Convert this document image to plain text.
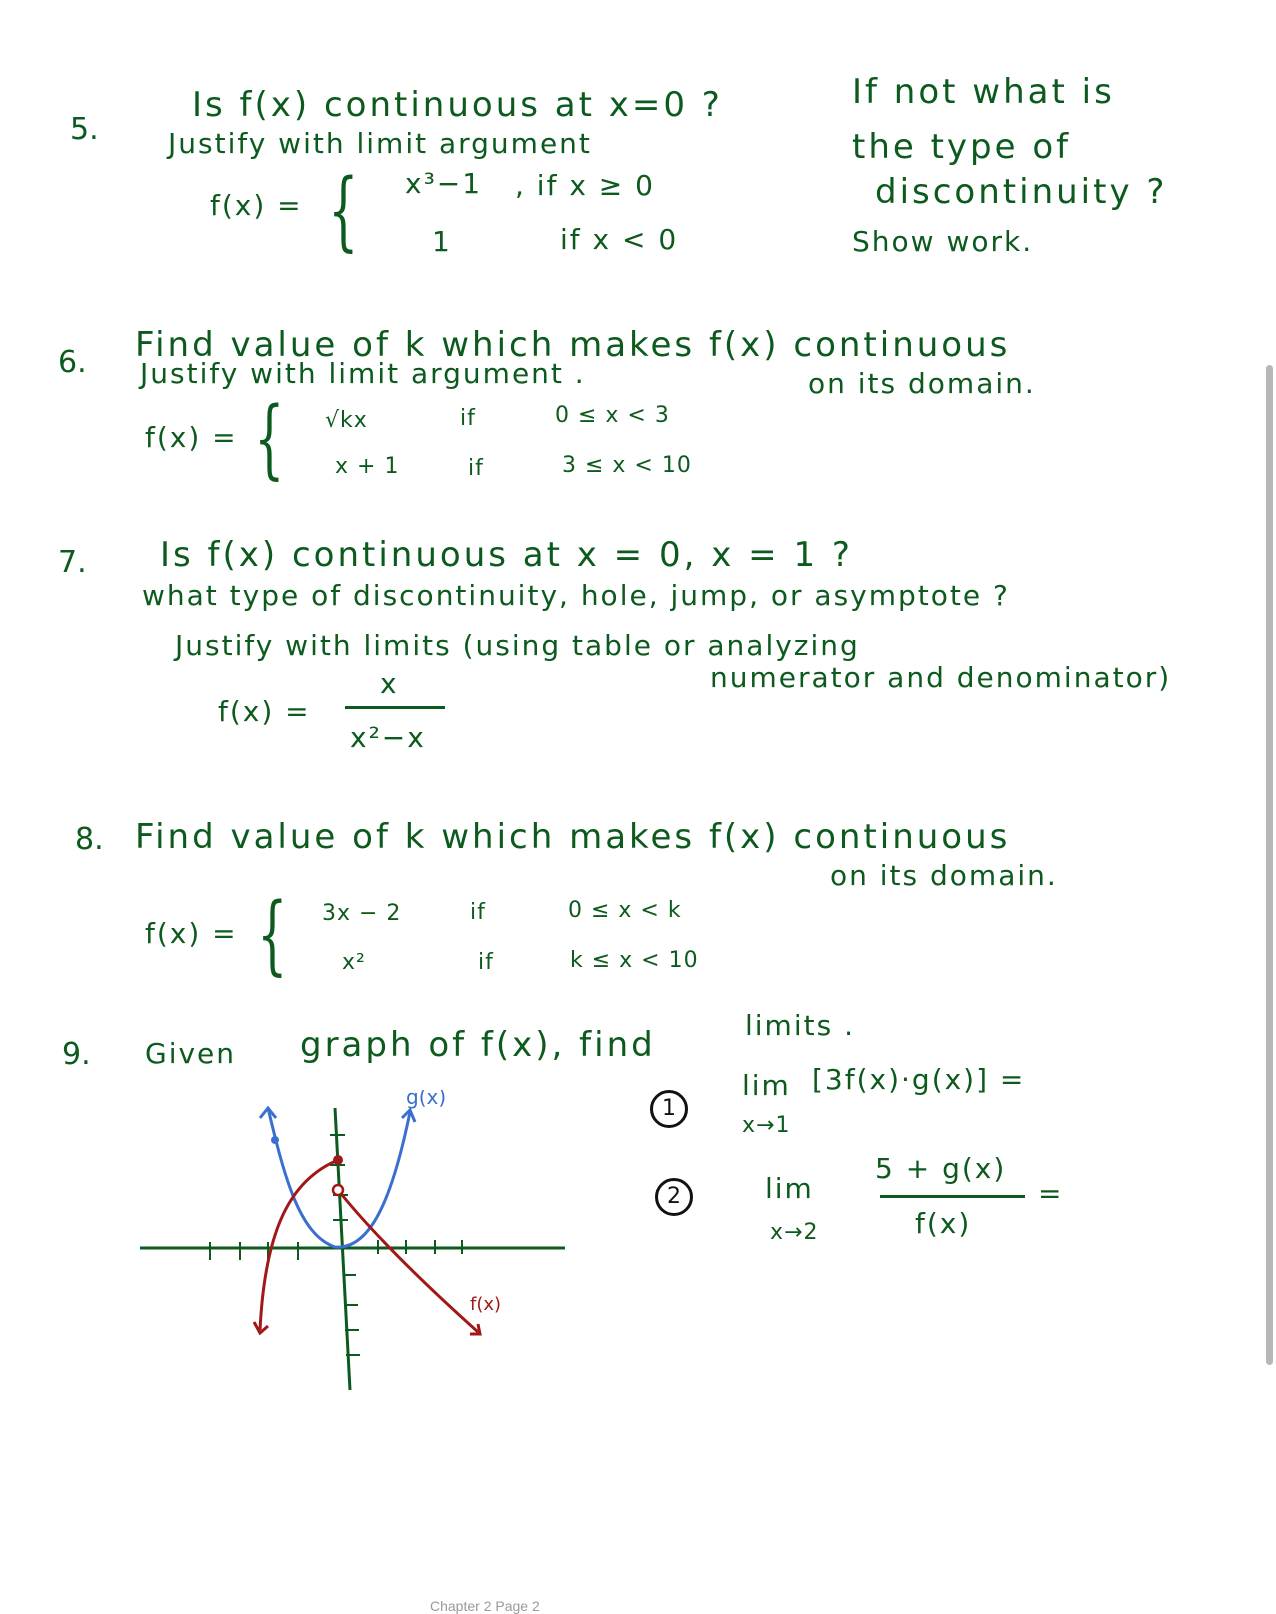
5.
Is f(x) continuous at x=0 ?
Justify with limit argument
If not what is
the type of
discontinuity ?
Show work.
f(x) = { x³−1 , if x ≥ 0
1	if x < 0
6. Find value of k which makes f(x) continuous
Justify with limit argument .	on its domain.
f(x) = { √kx	if	0 ≤ x < 3
x + 1	if	3 ≤ x < 10
7. Is f(x) continuous at x = 0, x = 1 ?
what type of discontinuity, hole, jump, or asymptote ?
Justify with limits (using table or analyzing
numerator and denominator)
f(x) =
x
x²−x
8. Find value of k which makes f(x) continuous
on its domain.
f(x) = { 3x − 2	if	0 ≤ x < k
x²	if	k ≤ x < 10
9. Given graph of f(x), find	limits .
1
lim [3f(x)·g(x)] =
x→1
2	lim
x→2
5 + g(x)
f(x)
=
g(x)
f(x)
Chapter 2 Page 2
